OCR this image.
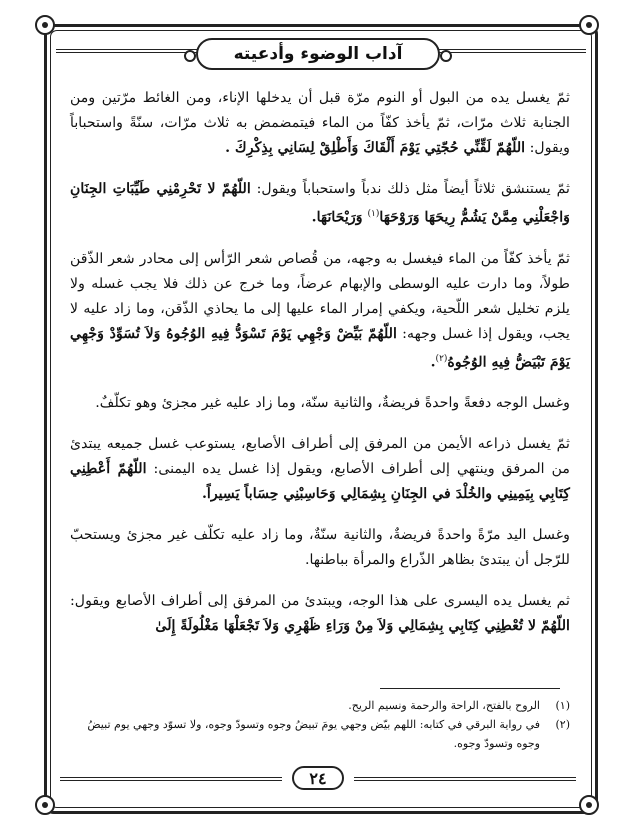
آداب الوضوء وأدعيته

ثمّ يغسل يده من البول أو النوم مرّة قبل أن يدخلها الإناء، ومن الغائط مرّتين ومن الجنابة ثلاث مرّات، ثمّ يأخذ كفّاً من الماء فيتمضمض به ثلاث مرّات، سنّةً واستحباباً ويقول: اللّهُمّ لَقِّنِّي حُجّتِي يَوْمَ أَلْقَاكَ وَأَطْلِقْ لِسَانِي بِذِكْرِكَ .

ثمّ يستنشق ثلاثاً أيضاً مثل ذلك ندباً واستحباباً ويقول: اللّهُمّ لا تَحْرِمْنِي طَيِّبَاتِ الجِنَانِ وَاجْعَلْنِي مِمَّنْ يَشُمُّ رِيحَهَا وَرَوْحَهَا$^{(١)}$ وَرَيْحَانَهَا.

ثمّ يأخذ كفّاً من الماء فيغسل به وجهه، من قُصاص شعر الرّأس إلى محادر شعر الذّقن طولاً، وما دارت عليه الوسطى والإبهام عرضاً، وما خرج عن ذلك فلا يجب غسله ولا يلزم تخليل شعر اللّحية، ويكفي إمرار الماء عليها إلى ما يحاذي الذّقن، وما زاد عليه لا يجب، ويقول إذا غسل وجهه: اللّهُمّ بَيِّضْ وَجْهِي يَوْمَ تَسْوَدُّ فِيهِ الوُجُوهُ وَلاَ تُسَوِّدْ وَجْهِي يَوْمَ تَبْيَضُّ فِيهِ الوُجُوهُ$^{(٢)}$.

وغسل الوجه دفعةً واحدةً فريضةٌ، والثانية سنّة، وما زاد عليه غير مجزئ وهو تكلّفٌ.

ثمّ يغسل ذراعه الأيمن من المرفق إلى أطراف الأصابع، يستوعب غسل جميعه يبتدئ من المرفق وينتهي إلى أطراف الأصابع، ويقول إذا غسل يده اليمنى: اللّهُمّ أَعْطِنِي كِتَابِي بِيَمِينِي والخُلْدَ في الجِنَانِ بِشِمَالِي وَحَاسِبْنِي حِسَاباً يَسِيراً.

وغسل اليد مرّةً واحدةً فريضةٌ، والثانية سنّةٌ، وما زاد عليه تكلّف غير مجزئ ويستحبّ للرّجل أن يبتدئ بظاهر الذّراع والمرأة بباطنها.

ثم يغسل يده اليسرى على هذا الوجه، ويبتدئ من المرفق إلى أطراف الأصابع ويقول: اللّهُمّ لا تُعْطِنِي كِتَابِي بِشِمَالِي وَلاَ مِنْ وَرَاءِ ظَهْرِي وَلاَ تَجْعَلْهَا مَغْلُولَةً إِلَىٰ

(١)
الروح بالفتح، الراحة والرحمة ونسيم الريح.
(٢)
في رواية البرقي في كتابه: اللهم بيّض وجهي يومَ تبيضُ وجوه وتسودّ وجوه، ولا تسوّد وجهي يوم تبيضُ وجوه وتسودّ وجوه.
٢٤
